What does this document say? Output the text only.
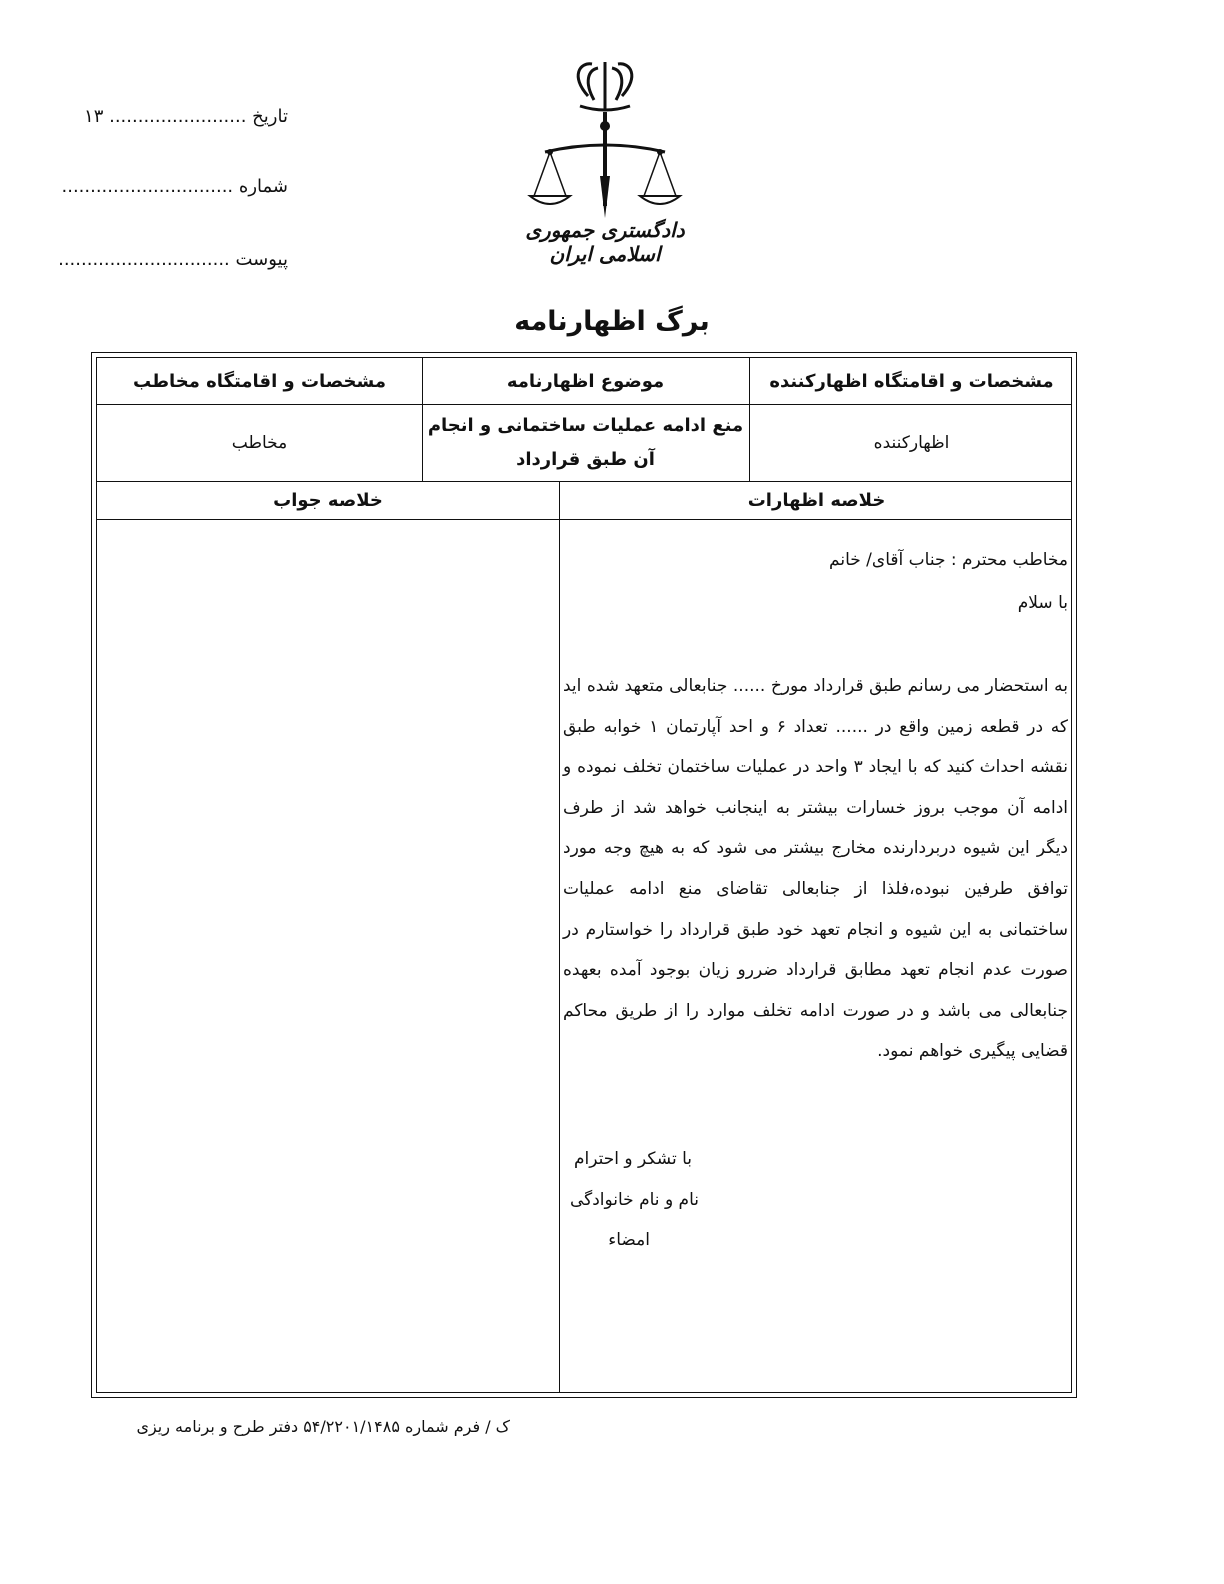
تاریخ ........................ ۱۳
شماره ..............................
پیوست ..............................
دادگستری جمهوری اسلامی ایران
برگ اظهارنامه
مشخصات و اقامتگاه اظهارکننده
موضوع اظهارنامه
مشخصات و اقامتگاه مخاطب
اظهارکننده
منع ادامه عملیات ساختمانی و انجام
آن طبق قرارداد
مخاطب
خلاصه اظهارات
خلاصه جواب
مخاطب محترم : جناب آقای/ خانم
با سلام
به استحضار می رسانم طبق قرارداد مورخ ...... جنابعالی متعهد شده اید که در قطعه زمین واقع در ...... تعداد ۶ و احد آپارتمان ۱ خوابه طبق نقشه احداث کنید که با ایجاد ۳ واحد در عملیات ساختمان تخلف نموده و ادامه آن موجب بروز خسارات بیشتر به اینجانب خواهد شد از طرف دیگر این شیوه دربردارنده مخارج بیشتر می شود که به هیچ وجه مورد توافق طرفین نبوده،فلذا از جنابعالی تقاضای منع ادامه عملیات ساختمانی به این شیوه و انجام تعهد خود طبق قرارداد را خواستارم در صورت عدم انجام تعهد مطابق قرارداد ضررو زیان بوجود آمده بعهده جنابعالی می باشد و در صورت ادامه تخلف موارد را از طریق محاکم قضایی پیگیری خواهم نمود.
با تشکر و احترام
نام و نام خانوادگی
امضاء
ک / فرم شماره ۵۴/۲۲۰۱/۱۴۸۵ دفتر طرح و برنامه ریزی
